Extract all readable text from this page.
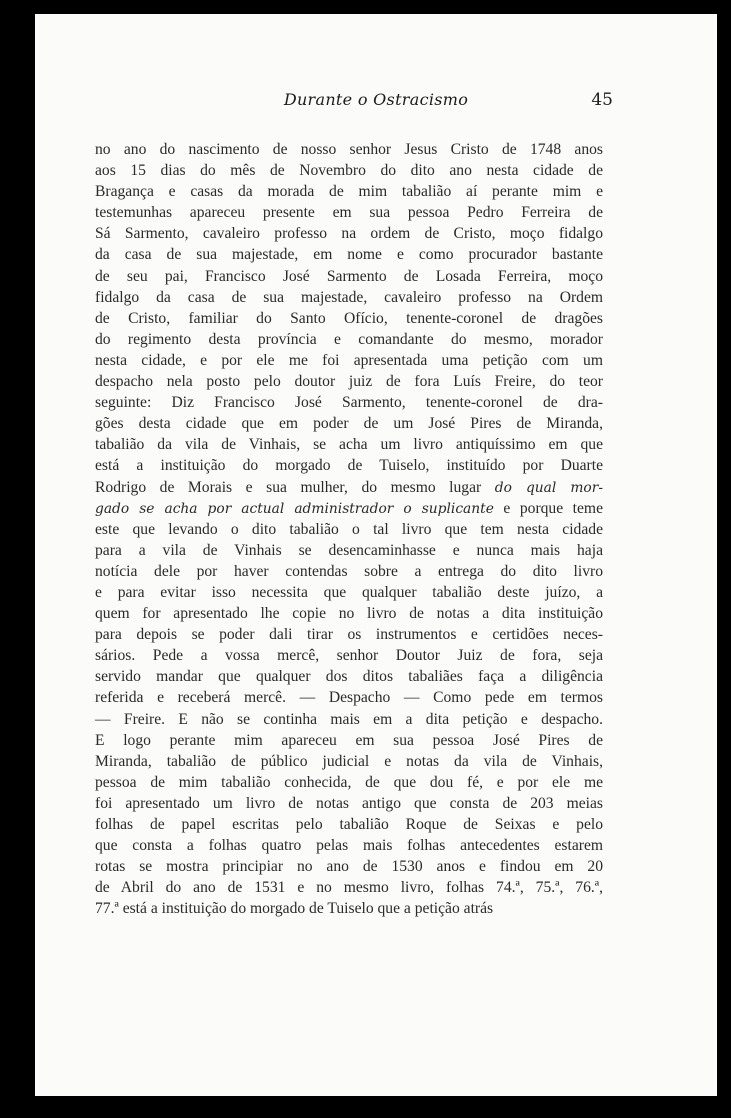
Durante o Ostracismo	45
no ano do nascimento de nosso senhor Jesus Cristo de 1748 anos
aos 15 dias do mês de Novembro do dito ano nesta cidade de
Bragança e casas da morada de mim tabalião aí perante mim e
testemunhas apareceu presente em sua pessoa Pedro Ferreira de
Sá Sarmento, cavaleiro professo na ordem de Cristo, moço fidalgo
da casa de sua majestade, em nome e como procurador bastante
de seu pai, Francisco José Sarmento de Losada Ferreira, moço
fidalgo da casa de sua majestade, cavaleiro professo na Ordem
de Cristo, familiar do Santo Ofício, tenente-coronel de dragões
do regimento desta província e comandante do mesmo, morador
nesta cidade, e por ele me foi apresentada uma petição com um
despacho nela posto pelo doutor juiz de fora Luís Freire, do teor
seguinte: Diz Francisco José Sarmento, tenente-coronel de dra-
gões desta cidade que em poder de um José Pires de Miranda,
tabalião da vila de Vinhais, se acha um livro antiquíssimo em que
está a instituição do morgado de Tuiselo, instituído por Duarte
Rodrigo de Morais e sua mulher, do mesmo lugar do qual mor-
gado se acha por actual administrador o suplicante e porque teme
este que levando o dito tabalião o tal livro que tem nesta cidade
para a vila de Vinhais se desencaminhasse e nunca mais haja
notícia dele por haver contendas sobre a entrega do dito livro
e para evitar isso necessita que qualquer tabalião deste juízo, a
quem for apresentado lhe copie no livro de notas a dita instituição
para depois se poder dali tirar os instrumentos e certidões neces-
sários. Pede a vossa mercê, senhor Doutor Juiz de fora, seja
servido mandar que qualquer dos ditos tabaliães faça a diligência
referida e receberá mercê. — Despacho — Como pede em termos
— Freire. E não se continha mais em a dita petição e despacho.
E logo perante mim apareceu em sua pessoa José Pires de
Miranda, tabalião de público judicial e notas da vila de Vinhais,
pessoa de mim tabalião conhecida, de que dou fé, e por ele me
foi apresentado um livro de notas antigo que consta de 203 meias
folhas de papel escritas pelo tabalião Roque de Seixas e pelo
que consta a folhas quatro pelas mais folhas antecedentes estarem
rotas se mostra principiar no ano de 1530 anos e findou em 20
de Abril do ano de 1531 e no mesmo livro, folhas 74.ª, 75.ª, 76.ª,
77.ª está a instituição do morgado de Tuiselo que a petição atrás
